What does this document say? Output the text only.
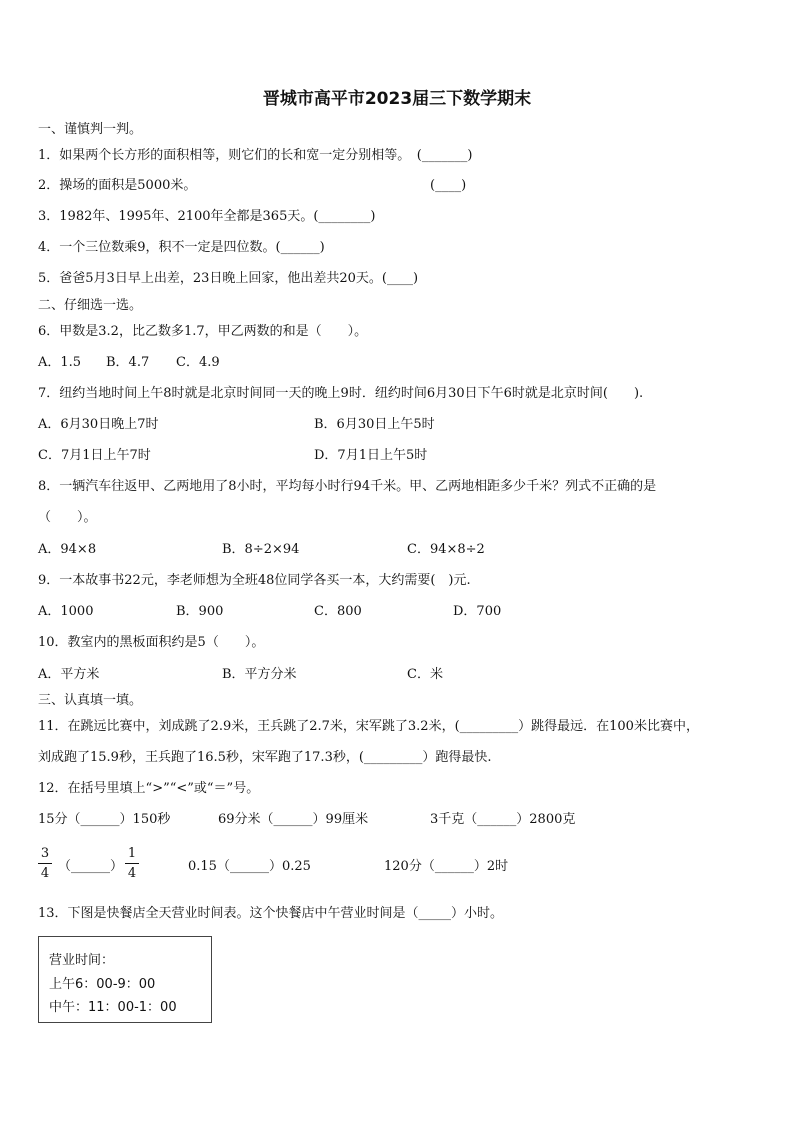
晋城市高平市2023届三下数学期末
一、谨慎判一判。
1．如果两个长方形的面积相等，则它们的长和宽一定分别相等。　(_______)
2．操场的面积是5000米。	(____)
3．1982年、1995年、2100年全都是365天。(________)
4．一个三位数乘9，积不一定是四位数。(______)
5．爸爸5月3日早上出差，23日晚上回家，他出差共20天。(____)
二、仔细选一选。
6．甲数是3.2，比乙数多1.7，甲乙两数的和是（　　）。
A．1.5 B．4.7 C．4.9
7．纽约当地时间上午8时就是北京时间同一天的晚上9时．纽约时间6月30日下午6时就是北京时间(　　).
A．6月30日晚上7时	B．6月30日上午5时
C．7月1日上午7时	D．7月1日上午5时
8．一辆汽车往返甲、乙两地用了8小时，平均每小时行94千米。甲、乙两地相距多少千米？列式不正确的是
（　　）。
A．94×8	B．8÷2×94	C．94×8÷2
9．一本故事书22元，李老师想为全班48位同学各买一本，大约需要(　)元.
A．1000	B．900	C．800	D．700
10．教室内的黑板面积约是5（　　）。
A．平方米	B．平方分米	C．米
三、认真填一填。
11．在跳远比赛中，刘成跳了2.9米，王兵跳了2.7米，宋军跳了3.2米，(_________）跳得最远．在100米比赛中，
刘成跑了15.9秒，王兵跑了16.5秒，宋军跑了17.3秒，(_________）跑得最快.
12．在括号里填上“>”“<”或“＝”号。
15分（______）150秒	69分米（______）99厘米	3千克（______）2800克
3
4 （______）
1
4	0.15（______）0.25	120分（______）2时
13．下图是快餐店全天营业时间表。这个快餐店中午营业时间是（_____）小时。
营业时间：
上午6：00-9：00
中午：11：00-1：00
